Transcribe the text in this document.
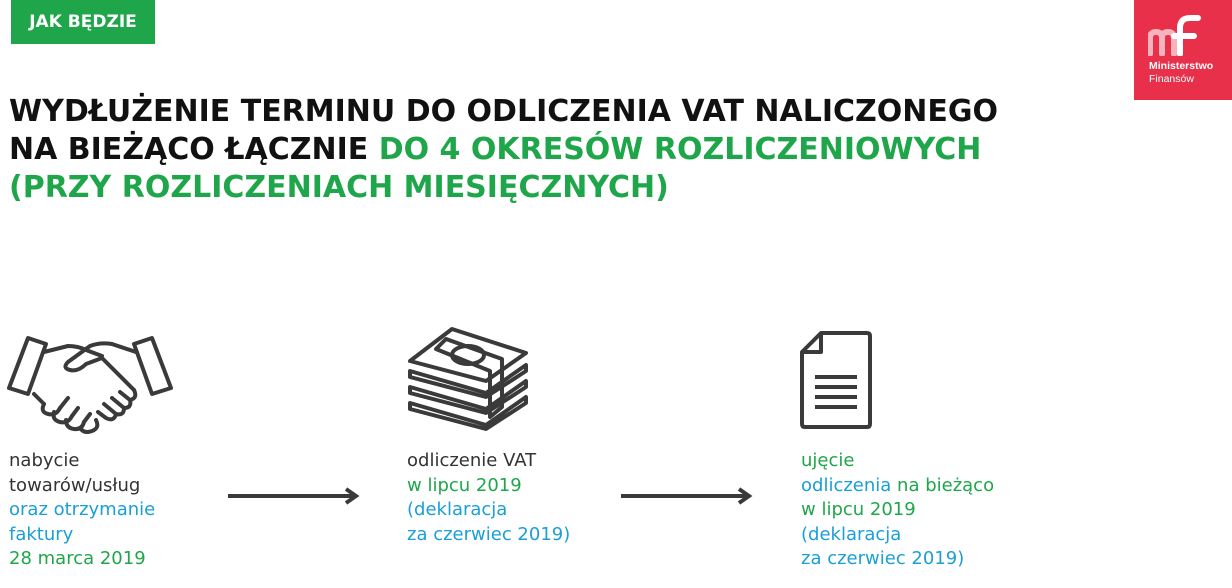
JAK BĘDZIE
Ministerstwo
Finansów
WYDŁUŻENIE TERMINU DO ODLICZENIA VAT NALICZONEGO
NA BIEŻĄCO ŁĄCZNIE DO 4 OKRESÓW ROZLICZENIOWYCH
(PRZY ROZLICZENIACH MIESIĘCZNYCH)
nabycie
towarów/usług
oraz otrzymanie
faktury
28 marca 2019
odliczenie VAT
w lipcu 2019
(deklaracja
za czerwiec 2019)
ujęcie
odliczenia na bieżąco
w lipcu 2019
(deklaracja
za czerwiec 2019)
